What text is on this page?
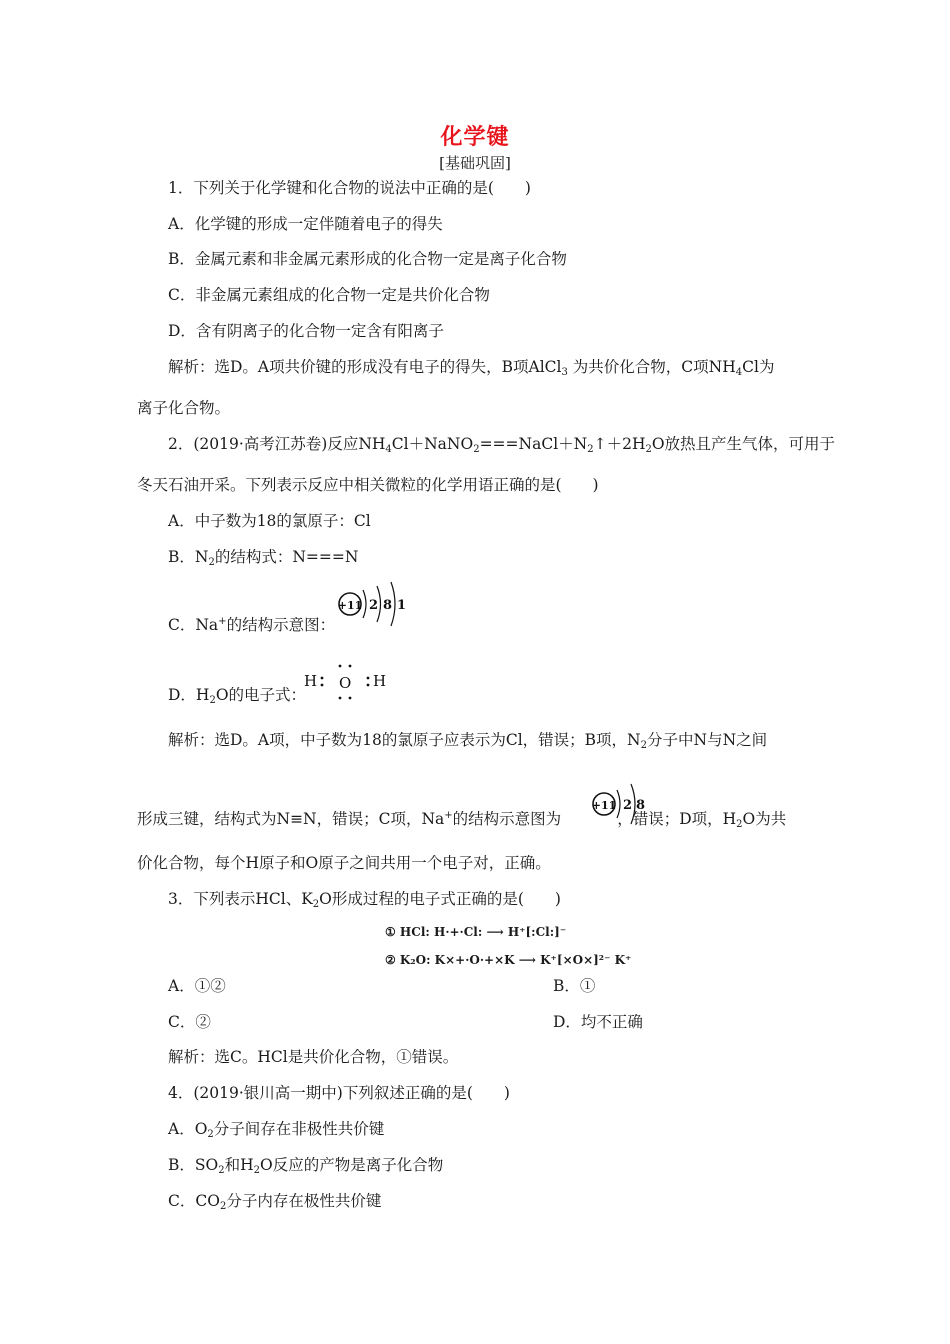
化学键
[基础巩固]
1．下列关于化学键和化合物的说法中正确的是(　　)
A．化学键的形成一定伴随着电子的得失
B．金属元素和非金属元素形成的化合物一定是离子化合物
C．非金属元素组成的化合物一定是共价化合物
D．含有阴离子的化合物一定含有阳离子
解析：选D。A项共价键的形成没有电子的得失，B项AlCl$_3$ 为共价化合物，C项$NH_4Cl$为
离子化合物。
2．(2019·高考江苏卷)反应$NH_4Cl+NaNO_2===NaCl+N_2↑+2H_2O$放热且产生气体，可用于
冬天石油开采。下列表示反应中相关微粒的化学用语正确的是(　　)
A．中子数为18的氯原子：Cl
B．$N_2$的结构式：N===N
C．Na+的结构示意图：
+11 2 8 1
D．$H_2O$的电子式：
H O H
解析：选D。A项，中子数为18的氯原子应表示为Cl，错误；B项，$N_2$分子中N与N之间
形成三键，结构式为N≡N，错误；C项，Na+的结构示意图为	，错误；D项，$H_2O$为共
+11 2 8
价化合物，每个H原子和O原子之间共用一个电子对，正确。
3．下列表示HCl、$K_2O$形成过程的电子式正确的是(　　)
① HCl: H·+·Cl: ⟶ H⁺[:Cl:]⁻
② K₂O: K×+·O·+×K ⟶ K⁺[×O×]²⁻ K⁺
A．①②	B．①
C．②	D．均不正确
解析：选C。HCl是共价化合物，①错误。
4．(2019·银川高一期中)下列叙述正确的是(　　)
A．$O_2$分子间存在非极性共价键
B．$SO_2$和$H_2O$反应的产物是离子化合物
C．$CO_2$分子内存在极性共价键
